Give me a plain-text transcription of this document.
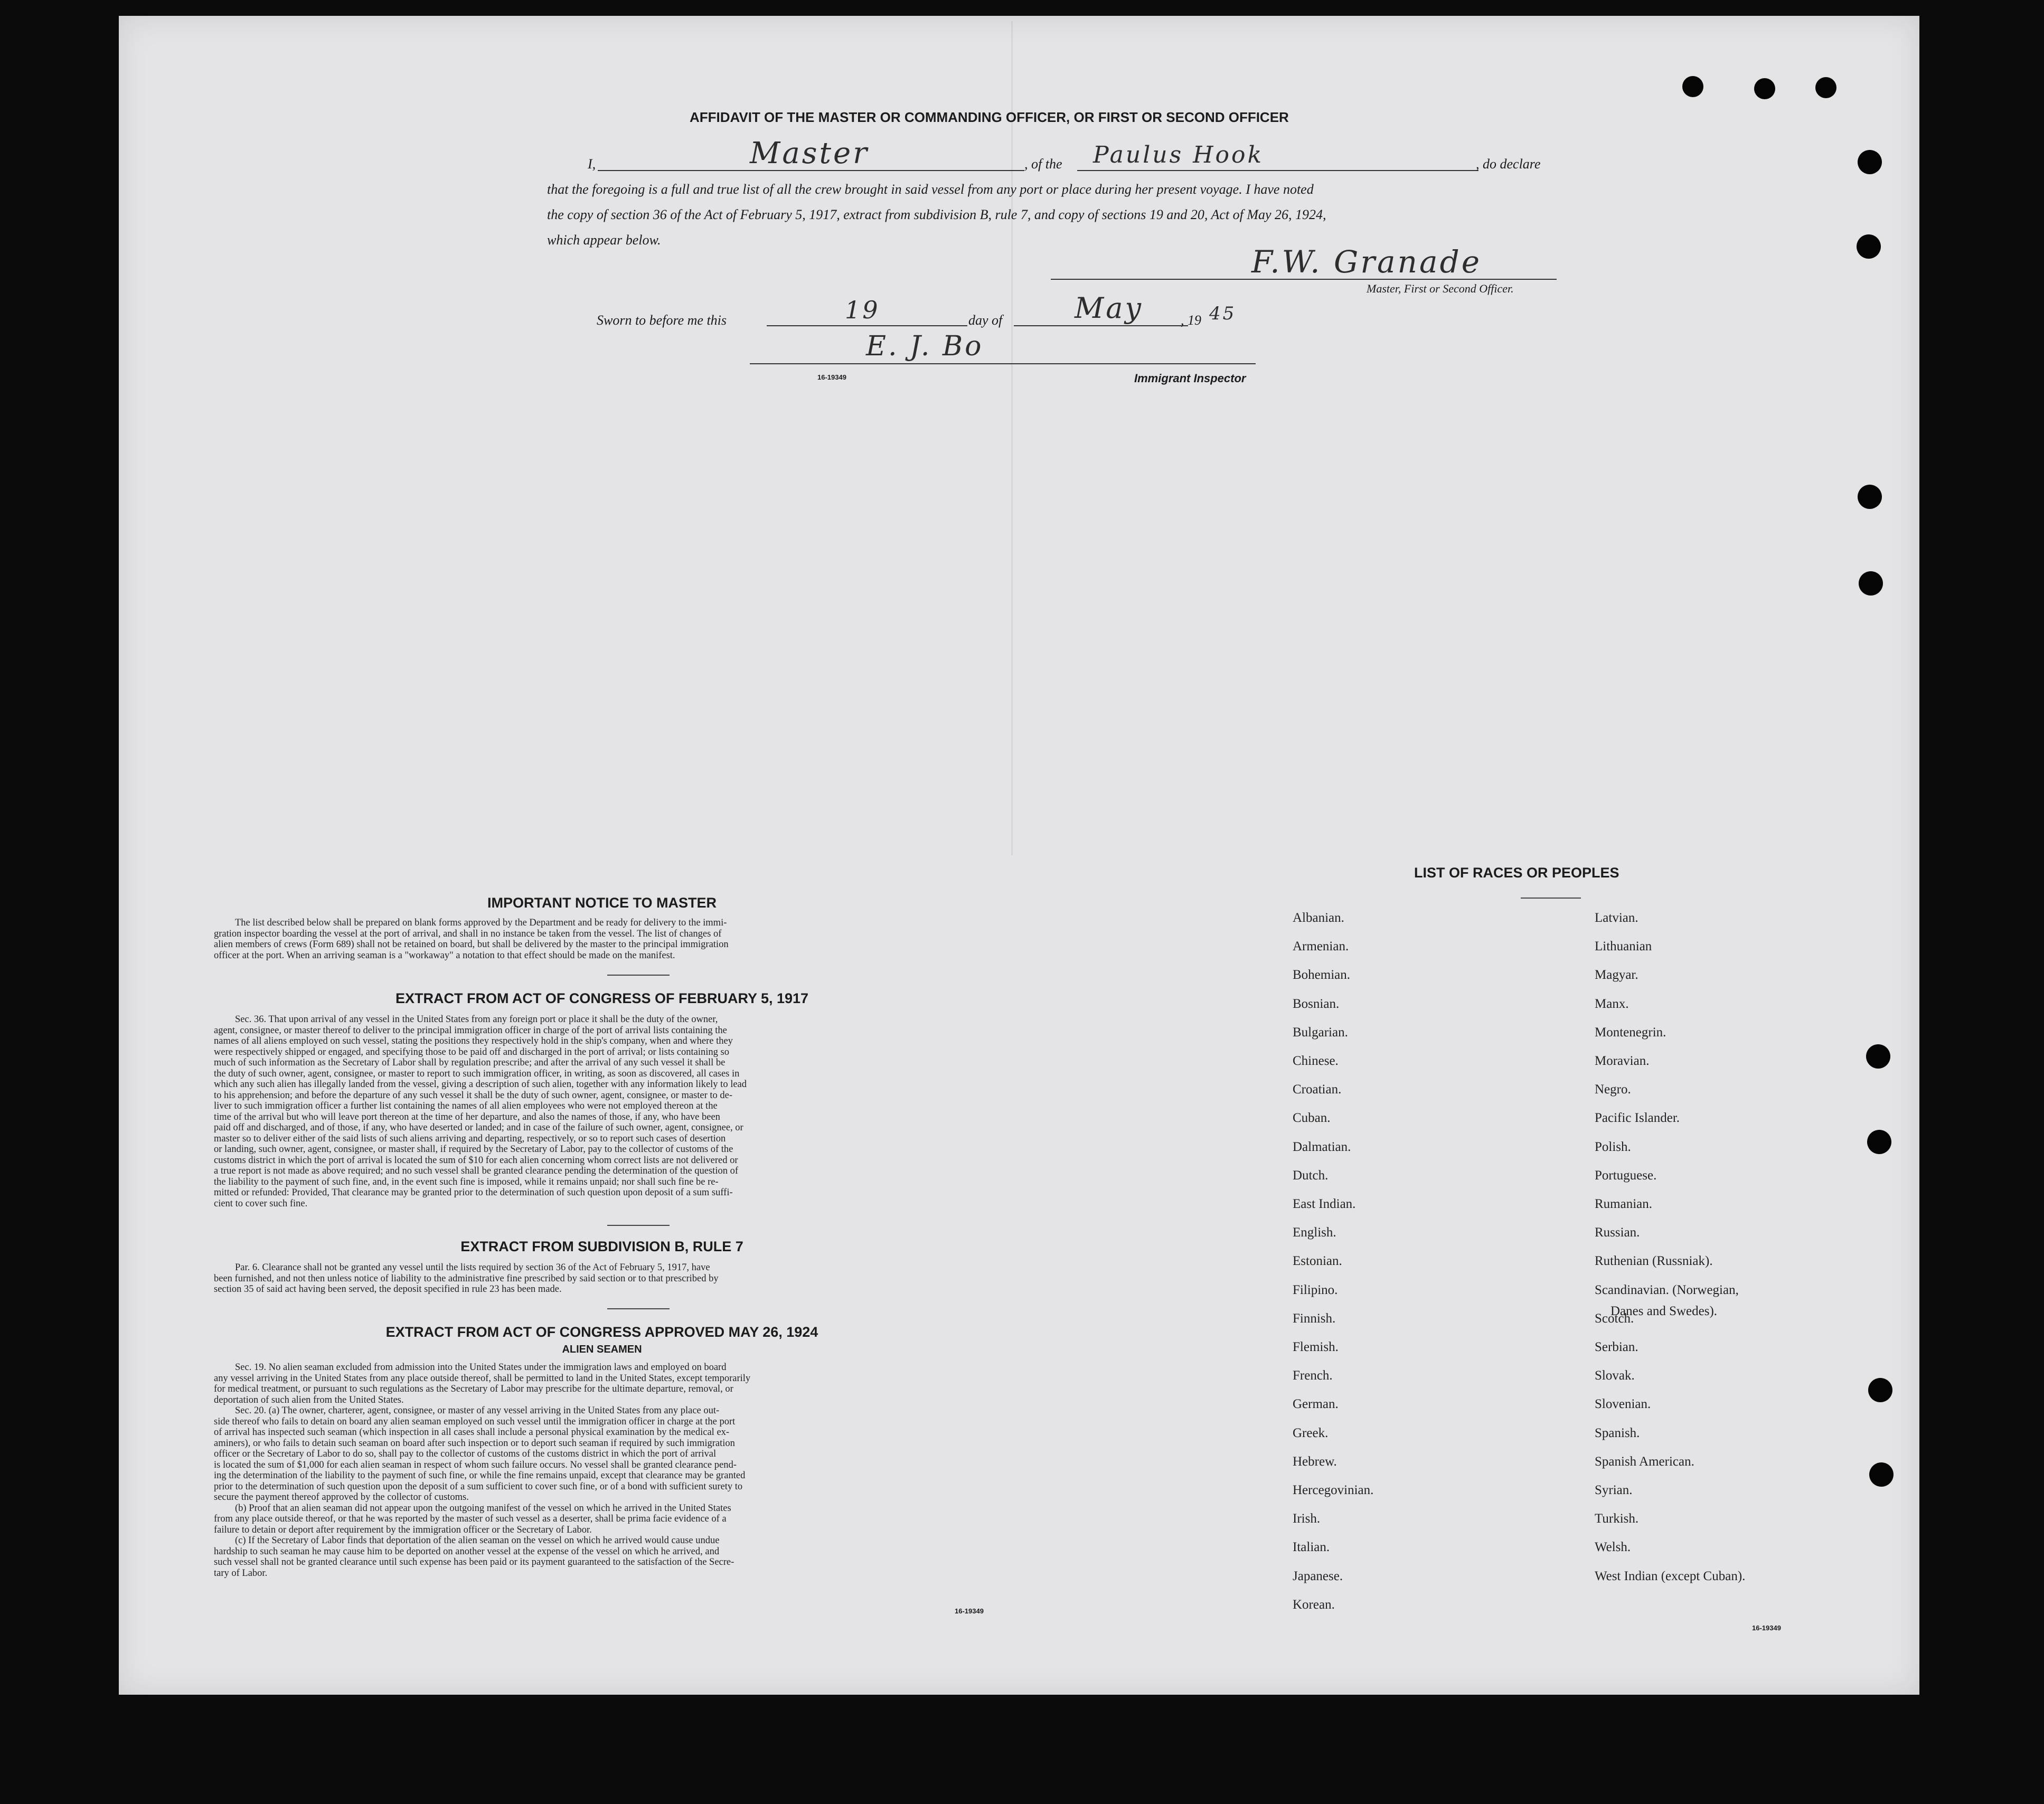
AFFIDAVIT OF THE MASTER OR COMMANDING OFFICER, OR FIRST OR SECOND OFFICER
I,	Master	, of the Paulus Hook	, do declare
that the foregoing is a full and true list of all the crew brought in said vessel from any port or place during her present voyage. I have noted
the copy of section 36 of the Act of February 5, 1917, extract from subdivision B, rule 7, and copy of sections 19 and 20, Act of May 26, 1924,
which appear below.
F.W. Granade
Master, First or Second Officer.
Sworn to before me this	19	day of	May	, 19 45
E. J. Bo
16-19349	Immigrant Inspector
IMPORTANT NOTICE TO MASTER
The list described below shall be prepared on blank forms approved by the Department and be ready for delivery to the immi-
gration inspector boarding the vessel at the port of arrival, and shall in no instance be taken from the vessel. The list of changes of
alien members of crews (Form 689) shall not be retained on board, but shall be delivered by the master to the principal immigration
officer at the port. When an arriving seaman is a "workaway" a notation to that effect should be made on the manifest.
EXTRACT FROM ACT OF CONGRESS OF FEBRUARY 5, 1917
Sec. 36. That upon arrival of any vessel in the United States from any foreign port or place it shall be the duty of the owner,
agent, consignee, or master thereof to deliver to the principal immigration officer in charge of the port of arrival lists containing the
names of all aliens employed on such vessel, stating the positions they respectively hold in the ship's company, when and where they
were respectively shipped or engaged, and specifying those to be paid off and discharged in the port of arrival; or lists containing so
much of such information as the Secretary of Labor shall by regulation prescribe; and after the arrival of any such vessel it shall be
the duty of such owner, agent, consignee, or master to report to such immigration officer, in writing, as soon as discovered, all cases in
which any such alien has illegally landed from the vessel, giving a description of such alien, together with any information likely to lead
to his apprehension; and before the departure of any such vessel it shall be the duty of such owner, agent, consignee, or master to de-
liver to such immigration officer a further list containing the names of all alien employees who were not employed thereon at the
time of the arrival but who will leave port thereon at the time of her departure, and also the names of those, if any, who have been
paid off and discharged, and of those, if any, who have deserted or landed; and in case of the failure of such owner, agent, consignee, or
master so to deliver either of the said lists of such aliens arriving and departing, respectively, or so to report such cases of desertion
or landing, such owner, agent, consignee, or master shall, if required by the Secretary of Labor, pay to the collector of customs of the
customs district in which the port of arrival is located the sum of $10 for each alien concerning whom correct lists are not delivered or
a true report is not made as above required; and no such vessel shall be granted clearance pending the determination of the question of
the liability to the payment of such fine, and, in the event such fine is imposed, while it remains unpaid; nor shall such fine be re-
mitted or refunded: Provided, That clearance may be granted prior to the determination of such question upon deposit of a sum suffi-
cient to cover such fine.
EXTRACT FROM SUBDIVISION B, RULE 7
Par. 6. Clearance shall not be granted any vessel until the lists required by section 36 of the Act of February 5, 1917, have
been furnished, and not then unless notice of liability to the administrative fine prescribed by said section or to that prescribed by
section 35 of said act having been served, the deposit specified in rule 23 has been made.
EXTRACT FROM ACT OF CONGRESS APPROVED MAY 26, 1924
ALIEN SEAMEN
Sec. 19. No alien seaman excluded from admission into the United States under the immigration laws and employed on board
any vessel arriving in the United States from any place outside thereof, shall be permitted to land in the United States, except temporarily
for medical treatment, or pursuant to such regulations as the Secretary of Labor may prescribe for the ultimate departure, removal, or
deportation of such alien from the United States.
Sec. 20. (a) The owner, charterer, agent, consignee, or master of any vessel arriving in the United States from any place out-
side thereof who fails to detain on board any alien seaman employed on such vessel until the immigration officer in charge at the port
of arrival has inspected such seaman (which inspection in all cases shall include a personal physical examination by the medical ex-
aminers), or who fails to detain such seaman on board after such inspection or to deport such seaman if required by such immigration
officer or the Secretary of Labor to do so, shall pay to the collector of customs of the customs district in which the port of arrival
is located the sum of $1,000 for each alien seaman in respect of whom such failure occurs. No vessel shall be granted clearance pend-
ing the determination of the liability to the payment of such fine, or while the fine remains unpaid, except that clearance may be granted
prior to the determination of such question upon the deposit of a sum sufficient to cover such fine, or of a bond with sufficient surety to
secure the payment thereof approved by the collector of customs.
(b) Proof that an alien seaman did not appear upon the outgoing manifest of the vessel on which he arrived in the United States
from any place outside thereof, or that he was reported by the master of such vessel as a deserter, shall be prima facie evidence of a
failure to detain or deport after requirement by the immigration officer or the Secretary of Labor.
(c) If the Secretary of Labor finds that deportation of the alien seaman on the vessel on which he arrived would cause undue
hardship to such seaman he may cause him to be deported on another vessel at the expense of the vessel on which he arrived, and
such vessel shall not be granted clearance until such expense has been paid or its payment guaranteed to the satisfaction of the Secre-
tary of Labor.
16-19349
LIST OF RACES OR PEOPLES
Albanian.
Armenian.
Bohemian.
Bosnian.
Bulgarian.
Chinese.
Croatian.
Cuban.
Dalmatian.
Dutch.
East Indian.
English.
Estonian.
Filipino.
Finnish.
Flemish.
French.
German.
Greek.
Hebrew.
Hercegovinian.
Irish.
Italian.
Japanese.
Korean.
Latvian.
Lithuanian
Magyar.
Manx.
Montenegrin.
Moravian.
Negro.
Pacific Islander.
Polish.
Portuguese.
Rumanian.
Russian.
Ruthenian (Russniak).
Scandinavian. (Norwegian,
Scotch.
Serbian.
Slovak.
Slovenian.
Spanish.
Spanish American.
Syrian.
Turkish.
Welsh.
West Indian (except Cuban).
Danes and Swedes).
16-19349
